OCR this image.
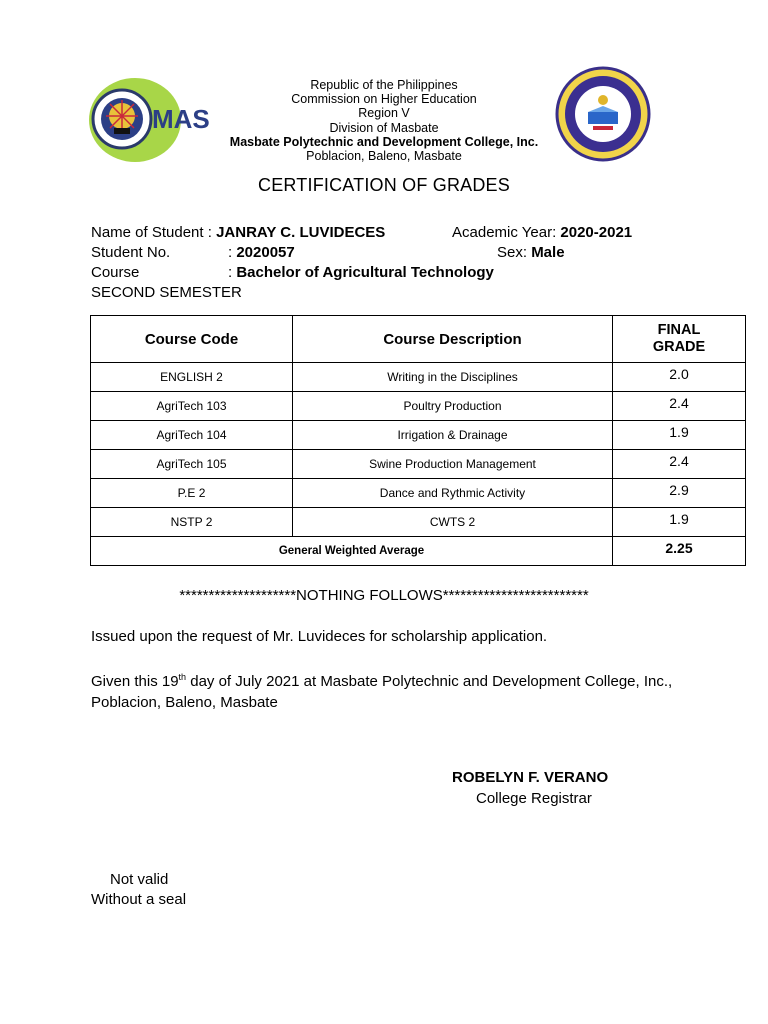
MAS
Republic of the Philippines
Commission on Higher Education
Region V
Division of Masbate
Masbate Polytechnic and Development College, Inc.
Poblacion, Baleno, Masbate
CERTIFICATION OF GRADES
Name of Student : JANRAY C. LUVIDECES	Academic Year: 2020-2021
Student No.	: 2020057	Sex: Male
Course	: Bachelor of Agricultural Technology
SECOND SEMESTER
Course Code	Course Description	FINAL
GRADE

ENGLISH 2	Writing in the Disciplines	2.0
AgriTech 103	Poultry Production	2.4
AgriTech 104	Irrigation & Drainage	1.9
AgriTech 105	Swine Production Management	2.4
P.E 2	Dance and Rythmic Activity	2.9
NSTP 2	CWTS 2	1.9
General Weighted Average		2.25
********************NOTHING FOLLOWS*************************
Issued upon the request of Mr. Luvideces for scholarship application.
Given this 19th day of July 2021 at Masbate Polytechnic and Development College, Inc., Poblacion, Baleno, Masbate
ROBELYN F. VERANO
College Registrar
Not valid
Without a seal
